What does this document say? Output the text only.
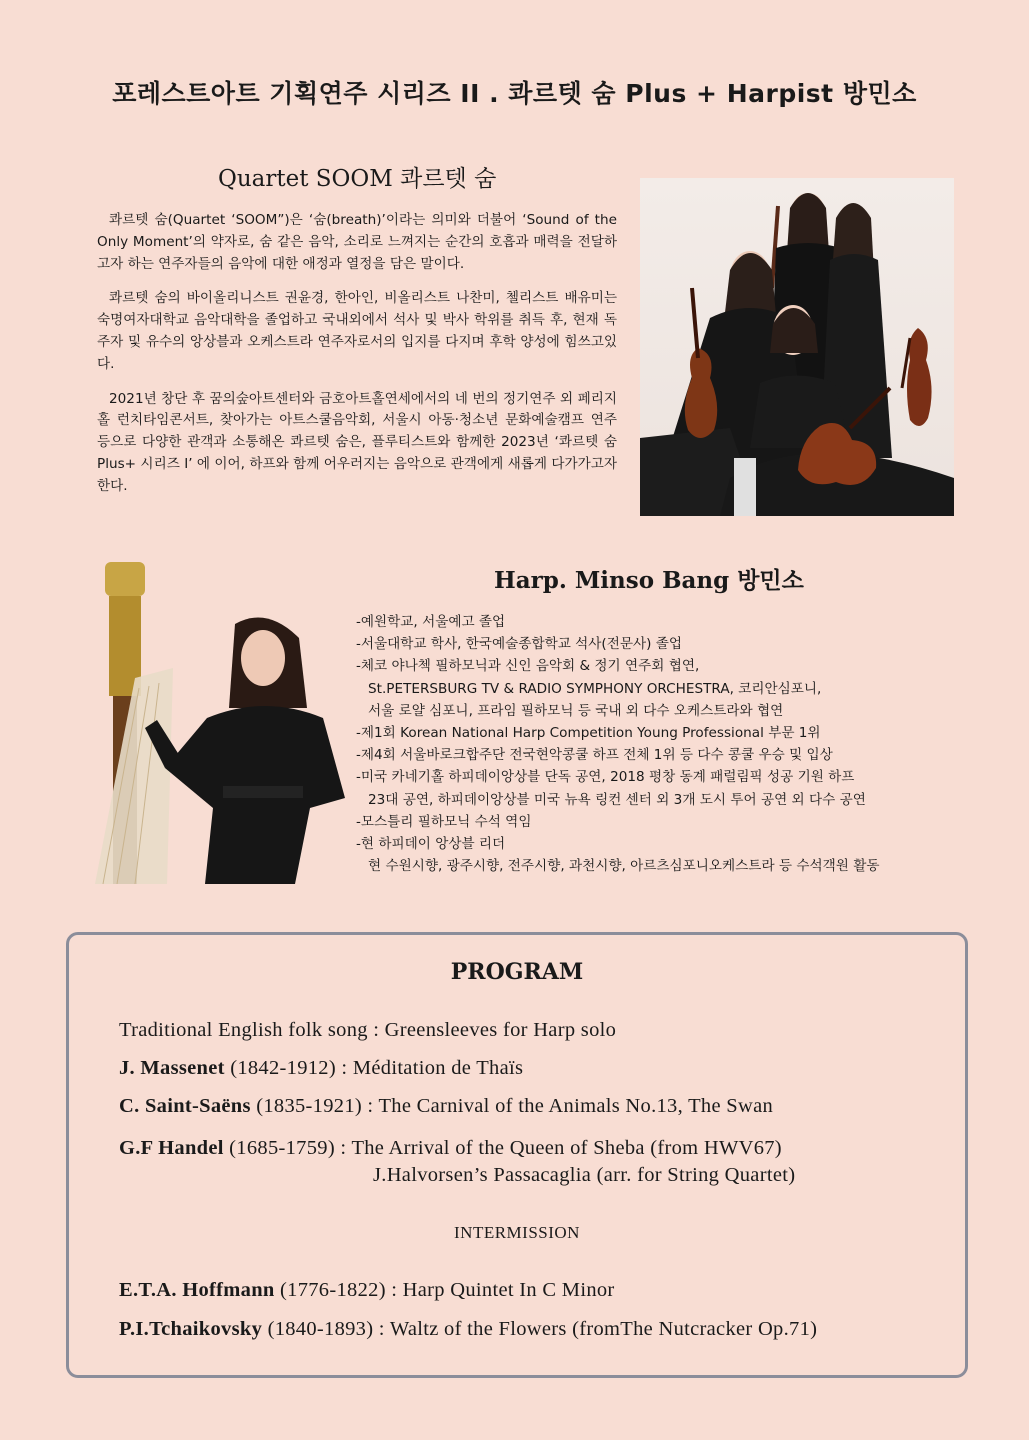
포레스트아트 기획연주 시리즈 II . 콰르텟 숨 Plus + Harpist 방민소
Quartet SOOM 콰르텟 숨

콰르텟 숨(Quartet ‘SOOM”)은 ‘숨(breath)’이라는 의미와 더불어 ‘Sound of the Only Moment’의 약자로, 숨 같은 음악, 소리로 느껴지는 순간의 호흡과 매력을 전달하고자 하는 연주자들의 음악에 대한 애정과 열정을 담은 말이다.

콰르텟 숨의 바이올리니스트 권윤경, 한아인, 비올리스트 나찬미, 첼리스트 배유미는 숙명여자대학교 음악대학을 졸업하고 국내외에서 석사 및 박사 학위를 취득 후, 현재 독주자 및 유수의 앙상블과 오케스트라 연주자로서의 입지를 다지며 후학 양성에 힘쓰고있다.

2021년 창단 후 꿈의숲아트센터와 금호아트홀연세에서의 네 번의 정기연주 외 페리지홀 런치타임콘서트, 찾아가는 아트스쿨음악회, 서울시 아동·청소년 문화예술캠프 연주 등으로 다양한 관객과 소통해온 콰르텟 숨은, 플루티스트와 함께한 2023년 ‘콰르텟 숨 Plus+ 시리즈 I’ 에 이어, 하프와 함께 어우러지는 음악으로 관객에게 새롭게 다가가고자 한다.

Harp. Minso Bang 방민소
-예원학교, 서울예고 졸업
-서울대학교 학사, 한국예술종합학교 석사(전문사) 졸업
-체코 야나첵 필하모닉과 신인 음악회 & 정기 연주회 협연,
St.PETERSBURG TV & RADIO SYMPHONY ORCHESTRA, 코리안심포니,
서울 로얄 심포니, 프라임 필하모닉 등 국내 외 다수 오케스트라와 협연
-제1회 Korean National Harp Competition Young Professional 부문 1위
-제4회 서울바로크합주단 전국현악콩쿨 하프 전체 1위 등 다수 콩쿨 우승 및 입상
-미국 카네기홀 하피데이앙상블 단독 공연, 2018 평창 동계 패럴림픽 성공 기원 하프
23대 공연, 하피데이앙상블 미국 뉴욕 링컨 센터 외 3개 도시 투어 공연 외 다수 공연
-모스틀리 필하모닉 수석 역임
-현 하피데이 앙상블 리더
현 수원시향, 광주시향, 전주시향, 과천시향, 아르츠심포니오케스트라 등 수석객원 활동
PROGRAM
Traditional English folk song : Greensleeves for Harp solo
J. Massenet (1842-1912) : Méditation de Thaïs
C. Saint-Saëns (1835-1921) : The Carnival of the Animals No.13, The Swan
G.F Handel (1685-1759) : The Arrival of the Queen of Sheba (from HWV67)
J.Halvorsen’s Passacaglia (arr. for String Quartet)
INTERMISSION
E.T.A. Hoffmann (1776-1822) : Harp Quintet In C Minor
P.I.Tchaikovsky (1840-1893) : Waltz of the Flowers (fromThe Nutcracker Op.71)
